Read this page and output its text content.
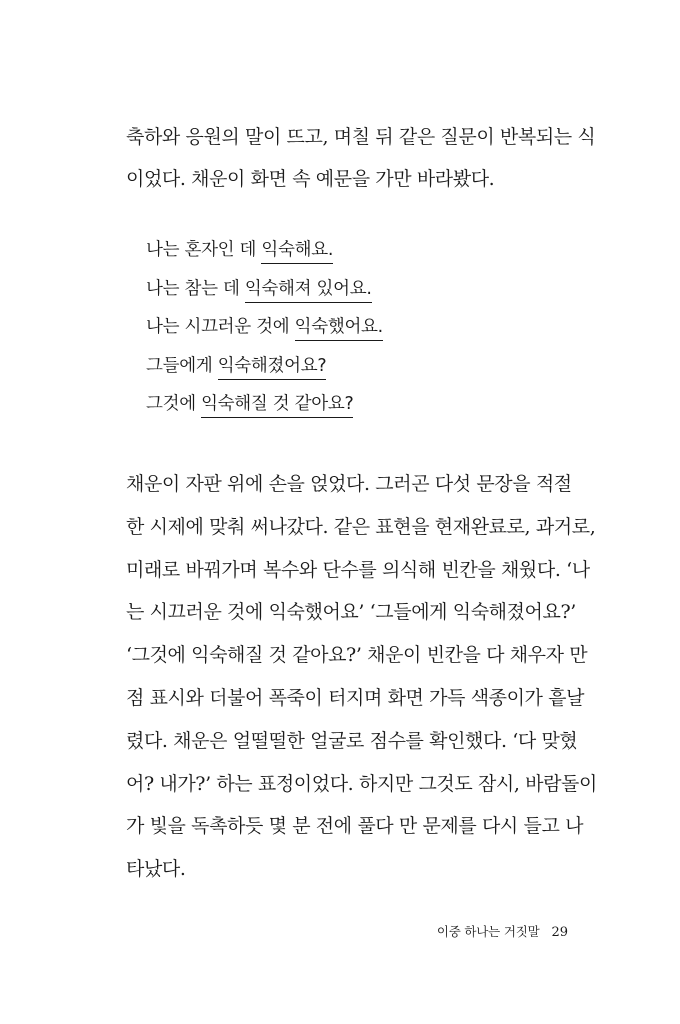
축하와 응원의 말이 뜨고, 며칠 뒤 같은 질문이 반복되는 식
이었다. 채운이 화면 속 예문을 가만 바라봤다.
나는 혼자인 데 익숙해요.
나는 참는 데 익숙해져 있어요.
나는 시끄러운 것에 익숙했어요.
그들에게 익숙해졌어요?
그것에 익숙해질 것 같아요?
채운이 자판 위에 손을 얹었다. 그러곤 다섯 문장을 적절
한 시제에 맞춰 써나갔다. 같은 표현을 현재완료로, 과거로,
미래로 바꿔가며 복수와 단수를 의식해 빈칸을 채웠다. ‘나
는 시끄러운 것에 익숙했어요’ ‘그들에게 익숙해졌어요?’
‘그것에 익숙해질 것 같아요?’ 채운이 빈칸을 다 채우자 만
점 표시와 더불어 폭죽이 터지며 화면 가득 색종이가 흩날
렸다. 채운은 얼떨떨한 얼굴로 점수를 확인했다. ‘다 맞혔
어? 내가?’ 하는 표정이었다. 하지만 그것도 잠시, 바람돌이
가 빛을 독촉하듯 몇 분 전에 풀다 만 문제를 다시 들고 나
타났다.
이중 하나는 거짓말 29
